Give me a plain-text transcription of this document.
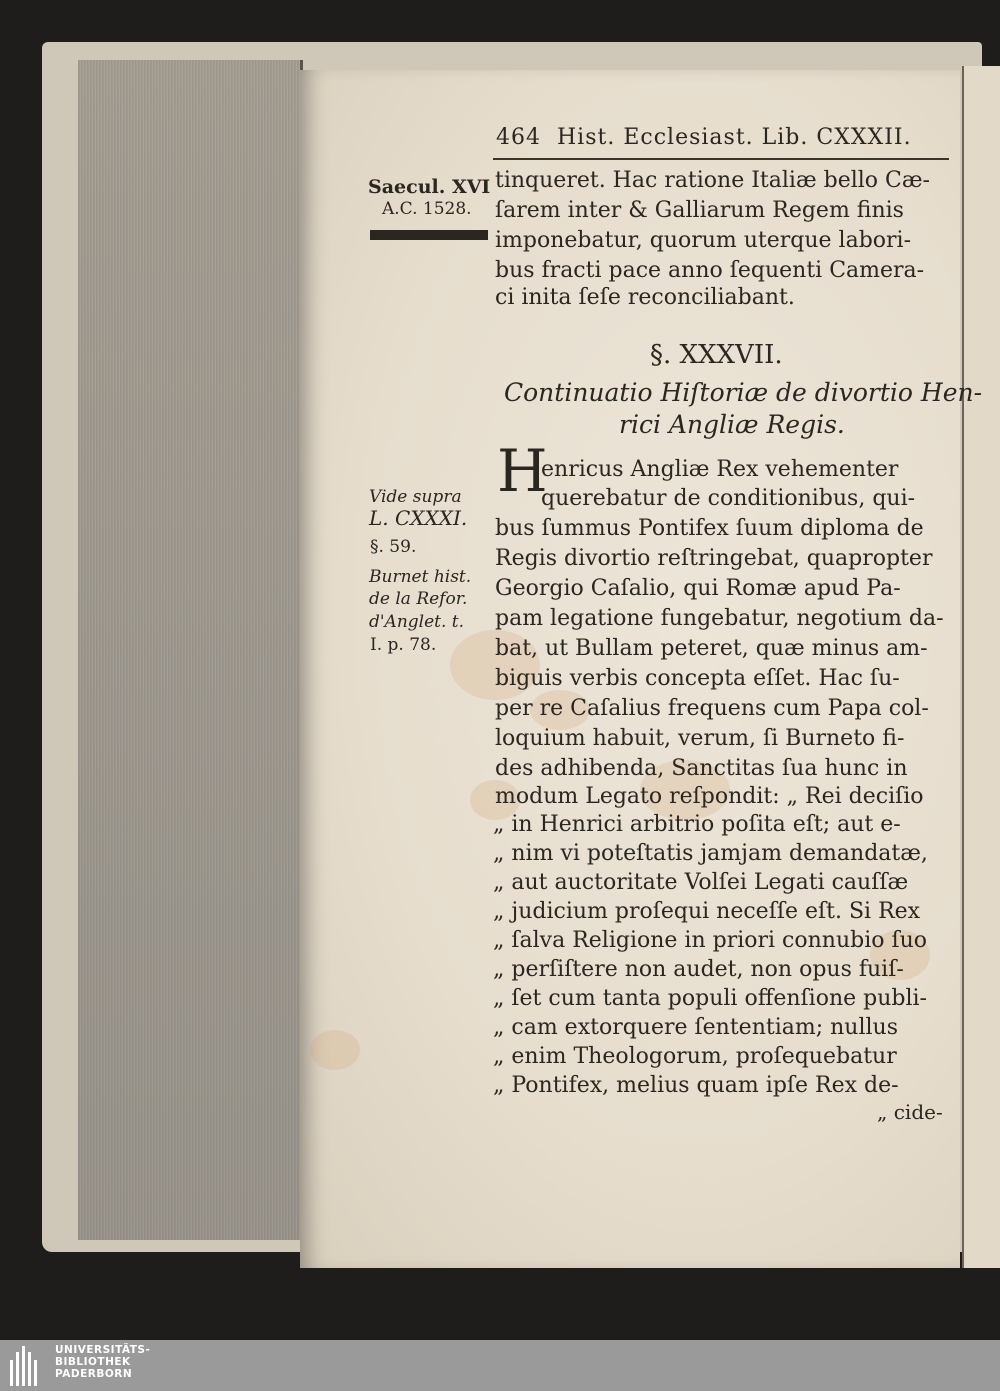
464 Hist. Ecclesiast. Lib. CXXXII.
Saecul. XVI
A.C. 1528.
tinqueret. Hac ratione Italiæ bello Cæ-
ſarem inter & Galliarum Regem finis
imponebatur, quorum uterque labori-
bus fracti pace anno ſequenti Camera-
ci inita ſeſe reconciliabant.
§. XXXVII.
Continuatio Hiſtoriæ de divortio Hen-
rici Angliæ Regis.
H
enricus Angliæ Rex vehementer
querebatur de conditionibus, qui-
bus ſummus Pontifex ſuum diploma de
Regis divortio reſtringebat, quapropter
Georgio Caſalio, qui Romæ apud Pa-
pam legatione fungebatur, negotium da-
bat, ut Bullam peteret, quæ minus am-
biguis verbis concepta eſſet. Hac ſu-
per re Caſalius frequens cum Papa col-
loquium habuit, verum, ſi Burneto fi-
des adhibenda, Sanctitas ſua hunc in
modum Legato reſpondit: „ Rei deciſio
„ in Henrici arbitrio poſita eſt; aut e-
„ nim vi poteſtatis jamjam demandatæ,
„ aut auctoritate Volſei Legati cauſſæ
„ judicium proſequi neceſſe eſt. Si Rex
„ ſalva Religione in priori connubio ſuo
„ perſiſtere non audet, non opus fuiſ-
„ ſet cum tanta populi offenſione publi-
„ cam extorquere ſententiam; nullus
„ enim Theologorum, proſequebatur
„ Pontifex, melius quam ipſe Rex de-
„ cide-
Vide supra
L. CXXXI.
§. 59.
Burnet hist.
de la Refor.
d'Anglet. t.
I. p. 78.
UNIVERSITÄTS-
BIBLIOTHEK
PADERBORN
